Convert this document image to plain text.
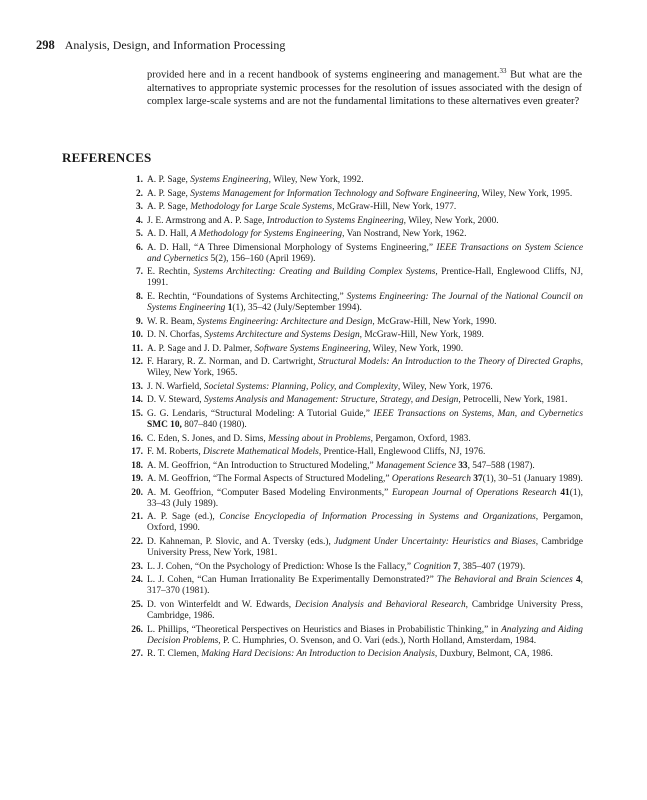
298 Analysis, Design, and Information Processing
provided here and in a recent handbook of systems engineering and management.$^{33}$ But what are the alternatives to appropriate systemic processes for the resolution of issues associated with the design of complex large-scale systems and are not the fundamental limitations to these alternatives even greater?
REFERENCES
1. A. P. Sage, Systems Engineering, Wiley, New York, 1992.
2. A. P. Sage, Systems Management for Information Technology and Software Engineering, Wiley, New York, 1995.
3. A. P. Sage, Methodology for Large Scale Systems, McGraw-Hill, New York, 1977.
4. J. E. Armstrong and A. P. Sage, Introduction to Systems Engineering, Wiley, New York, 2000.
5. A. D. Hall, A Methodology for Systems Engineering, Van Nostrand, New York, 1962.
6. A. D. Hall, “A Three Dimensional Morphology of Systems Engineering,” IEEE Transactions on System Science and Cybernetics 5(2), 156–160 (April 1969).
7. E. Rechtin, Systems Architecting: Creating and Building Complex Systems, Prentice-Hall, Englewood Cliffs, NJ, 1991.
8. E. Rechtin, “Foundations of Systems Architecting,” Systems Engineering: The Journal of the National Council on Systems Engineering 1(1), 35–42 (July/September 1994).
9. W. R. Beam, Systems Engineering: Architecture and Design, McGraw-Hill, New York, 1990.
10. D. N. Chorfas, Systems Architecture and Systems Design, McGraw-Hill, New York, 1989.
11. A. P. Sage and J. D. Palmer, Software Systems Engineering, Wiley, New York, 1990.
12. F. Harary, R. Z. Norman, and D. Cartwright, Structural Models: An Introduction to the Theory of Directed Graphs, Wiley, New York, 1965.
13. J. N. Warfield, Societal Systems: Planning, Policy, and Complexity, Wiley, New York, 1976.
14. D. V. Steward, Systems Analysis and Management: Structure, Strategy, and Design, Petrocelli, New York, 1981.
15. G. G. Lendaris, “Structural Modeling: A Tutorial Guide,” IEEE Transactions on Systems, Man, and Cybernetics SMC 10, 807–840 (1980).
16. C. Eden, S. Jones, and D. Sims, Messing about in Problems, Pergamon, Oxford, 1983.
17. F. M. Roberts, Discrete Mathematical Models, Prentice-Hall, Englewood Cliffs, NJ, 1976.
18. A. M. Geoffrion, “An Introduction to Structured Modeling,” Management Science 33, 547–588 (1987).
19. A. M. Geoffrion, “The Formal Aspects of Structured Modeling,” Operations Research 37(1), 30–51 (January 1989).
20. A. M. Geoffrion, “Computer Based Modeling Environments,” European Journal of Operations Research 41(1), 33–43 (July 1989).
21. A. P. Sage (ed.), Concise Encyclopedia of Information Processing in Systems and Organizations, Pergamon, Oxford, 1990.
22. D. Kahneman, P. Slovic, and A. Tversky (eds.), Judgment Under Uncertainty: Heuristics and Biases, Cambridge University Press, New York, 1981.
23. L. J. Cohen, “On the Psychology of Prediction: Whose Is the Fallacy,” Cognition 7, 385–407 (1979).
24. L. J. Cohen, “Can Human Irrationality Be Experimentally Demonstrated?” The Behavioral and Brain Sciences 4, 317–370 (1981).
25. D. von Winterfeldt and W. Edwards, Decision Analysis and Behavioral Research, Cambridge University Press, Cambridge, 1986.
26. L. Phillips, “Theoretical Perspectives on Heuristics and Biases in Probabilistic Thinking,” in Analyzing and Aiding Decision Problems, P. C. Humphries, O. Svenson, and O. Vari (eds.), North Holland, Amsterdam, 1984.
27. R. T. Clemen, Making Hard Decisions: An Introduction to Decision Analysis, Duxbury, Belmont, CA, 1986.
